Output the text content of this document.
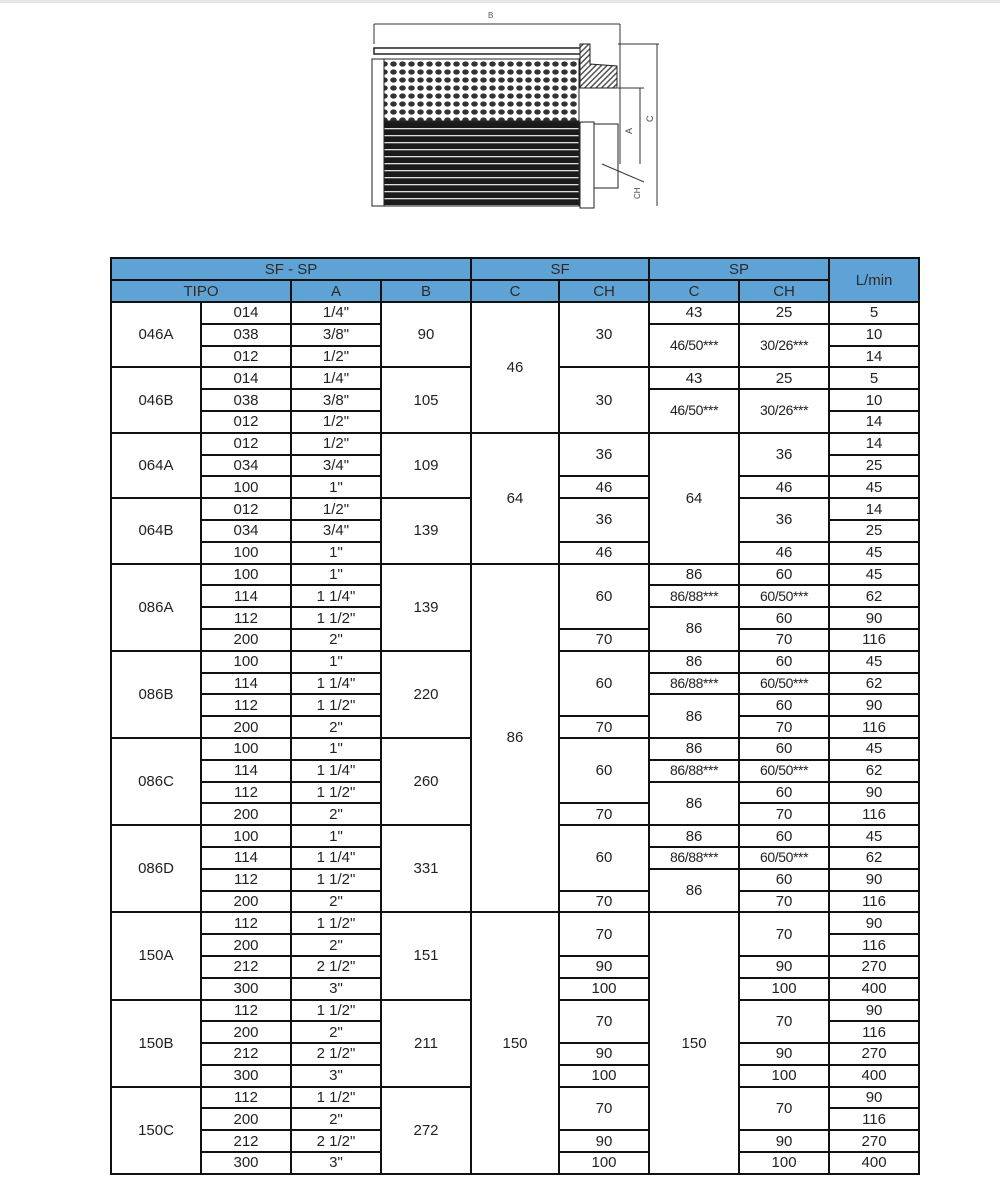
B
A
C
CH
SF - SP				SF		SP		L/min
TIPO		A	B	C	CH	C	CH	
046A	014	1/4"	90	46	30	43	25	5
	038	3/8"				46/50***	30/26***	10
	012	1/2"						14
046B	014	1/4"	105		30	43	25	5
	038	3/8"				46/50***	30/26***	10
	012	1/2"						14
064A	012	1/2"	109	64	36	64	36	14
	034	3/4"						25
	100	1"			46		46	45
064B	012	1/2"	139		36		36	14
	034	3/4"						25
	100	1"			46		46	45
086A	100	1"	139	86	60	86	60	45
	114	1 1/4"				86/88***	60/50***	62
	112	1 1/2"				86	60	90
	200	2"			70		70	116
086B	100	1"	220		60	86	60	45
	114	1 1/4"				86/88***	60/50***	62
	112	1 1/2"				86	60	90
	200	2"			70		70	116
086C	100	1"	260		60	86	60	45
	114	1 1/4"				86/88***	60/50***	62
	112	1 1/2"				86	60	90
	200	2"			70		70	116
086D	100	1"	331		60	86	60	45
	114	1 1/4"				86/88***	60/50***	62
	112	1 1/2"				86	60	90
	200	2"			70		70	116
150A	112	1 1/2"	151	150	70	150	70	90
	200	2"						116
	212	2 1/2"			90		90	270
	300	3"			100		100	400
150B	112	1 1/2"	211		70		70	90
	200	2"						116
	212	2 1/2"			90		90	270
	300	3"			100		100	400
150C	112	1 1/2"	272		70		70	90
	200	2"						116
	212	2 1/2"			90		90	270
	300	3"			100		100	400
